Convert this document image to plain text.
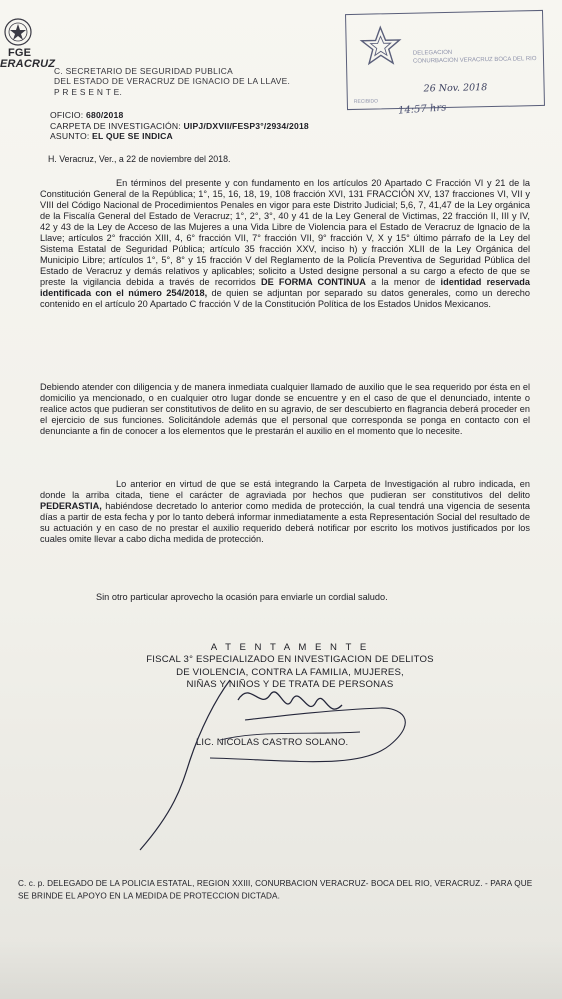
FGE
ERACRUZ
C. SECRETARIO DE SEGURIDAD PUBLICA
DEL ESTADO DE VERACRUZ DE IGNACIO DE LA LLAVE.
P R E S E N T E.
DELEGACION
CONURBACION VERACRUZ BOCA DEL RIO
26 Nov. 2018
RECIBIDO
14:57 hrs
OFICIO: 680/2018
CARPETA DE INVESTIGACIÓN: UIPJ/DXVII/FESP3°/2934/2018
ASUNTO: EL QUE SE INDICA
H. Veracruz, Ver., a 22 de noviembre del 2018.
En términos del presente y con fundamento en los artículos 20 Apartado C Fracción VI y 21 de la Constitución General de la República; 1°, 15, 16, 18, 19, 108 fracción XVI, 131 FRACCIÓN XV, 137 fracciones VI, VII y VIII del Código Nacional de Procedimientos Penales en vigor para este Distrito Judicial; 5,6, 7, 41,47 de la Ley orgánica de la Fiscalía General del Estado de Veracruz; 1°, 2°, 3°, 40 y 41 de la Ley General de Victimas, 22 fracción II, III y IV, 42 y 43 de la Ley de Acceso de las Mujeres a una Vida Libre de Violencia para el Estado de Veracruz de Ignacio de la Llave; artículos 2° fracción XIII, 4, 6° fracción VII, 7° fracción VII, 9° fracción V, X y 15° último párrafo de la Ley del Sistema Estatal de Seguridad Pública; artículo 35 fracción XXV, inciso h) y fracción XLII de la Ley Orgánica del Municipio Libre; artículos 1°, 5°, 8° y 15 fracción V del Reglamento de la Policía Preventiva de Seguridad Pública del Estado de Veracruz y demás relativos y aplicables; solicito a Usted designe personal a su cargo a efecto de que se preste la vigilancia debida a través de recorridos DE FORMA CONTINUA a la menor de identidad reservada identificada con el número 254/2018, de quien se adjuntan por separado su datos generales, como un derecho contenido en el artículo 20 Apartado C fracción V de la Constitución Política de los Estados Unidos Mexicanos.
Debiendo atender con diligencia y de manera inmediata cualquier llamado de auxilio que le sea requerido por ésta en el domicilio ya mencionado, o en cualquier otro lugar donde se encuentre y en el caso de que el denunciado, intente o realice actos que pudieran ser constitutivos de delito en su agravio, de ser descubierto en flagrancia deberá proceder en el ejercicio de sus funciones. Solicitándole además que el personal que corresponda se ponga en contacto con el denunciante a fin de conocer a los elementos que le prestarán el auxilio en el momento que lo necesite.
Lo anterior en virtud de que se está integrando la Carpeta de Investigación al rubro indicada, en donde la arriba citada, tiene el carácter de agraviada por hechos que pudieran ser constitutivos del delito PEDERASTIA, habiéndose decretado lo anterior como medida de protección, la cual tendrá una vigencia de sesenta días a partir de esta fecha y por lo tanto deberá informar inmediatamente a esta Representación Social del resultado de su actuación y en caso de no prestar el auxilio requerido deberá notificar por escrito los motivos justificados por los cuales omite llevar a cabo dicha medida de protección.
Sin otro particular aprovecho la ocasión para enviarle un cordial saludo.
A T E N T A M E N T E
FISCAL 3° ESPECIALIZADO EN INVESTIGACION DE DELITOS
DE VIOLENCIA, CONTRA LA FAMILIA, MUJERES,
NIÑAS Y NIÑOS Y DE TRATA DE PERSONAS
LIC. NICOLAS CASTRO SOLANO.
C. c. p. DELEGADO DE LA POLICIA ESTATAL, REGION XXIII, CONURBACION VERACRUZ- BOCA DEL RIO, VERACRUZ. - PARA QUE
SE BRINDE EL APOYO EN LA MEDIDA DE PROTECCION DICTADA.
